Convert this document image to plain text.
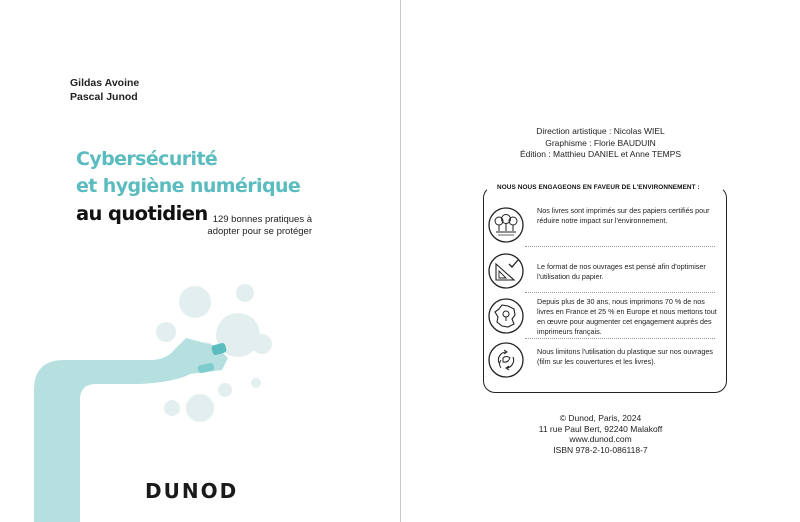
Gildas Avoine
Pascal Junod
Cybersécurité
et hygiène numérique
au quotidien 129 bonnes pratiques à adopter pour se protéger
DUNOD
Direction artistique : Nicolas WIEL
Graphisme : Florie BAUDUIN
Édition : Matthieu DANIEL et Anne TEMPS
NOUS NOUS ENGAGEONS EN FAVEUR DE L'ENVIRONNEMENT :
Nos livres sont imprimés sur des papiers certifiés pour réduire notre impact sur l'environnement.
Le format de nos ouvrages est pensé afin d'optimiser l'utilisation du papier.
Depuis plus de 30 ans, nous imprimons 70 % de nos livres en France et 25 % en Europe et nous mettons tout en œuvre pour augmenter cet engagement auprès des imprimeurs français.
Nous limitons l'utilisation du plastique sur nos ouvrages (film sur les couvertures et les livres).
© Dunod, Paris, 2024
11 rue Paul Bert, 92240 Malakoff
www.dunod.com
ISBN 978-2-10-086118-7
